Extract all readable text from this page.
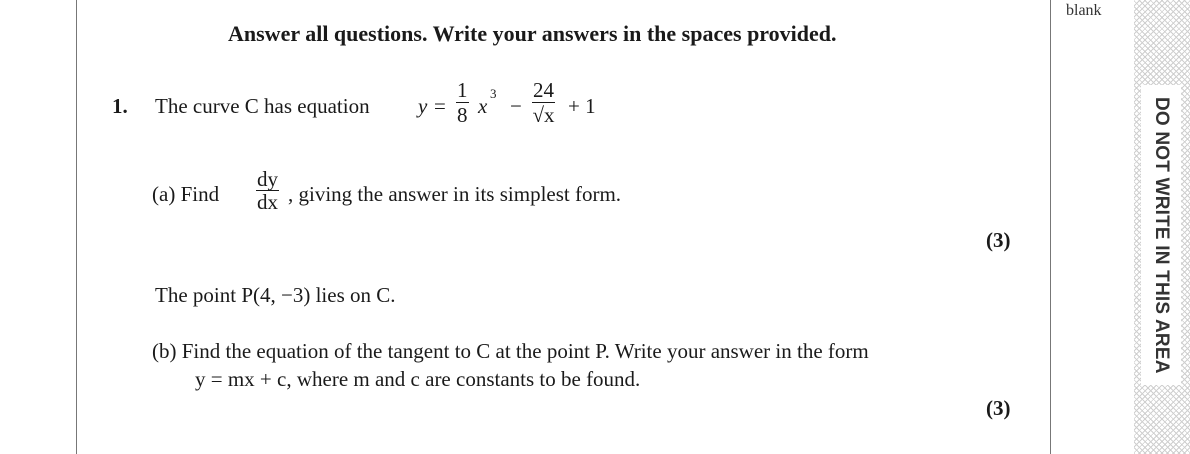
blank
DO NOT WRITE IN THIS AREA
Answer all questions. Write your answers in the spaces provided.
1. The curve C has equation $y = \frac{1}{8}$ x
3
− $\frac{24}{√x} + 1$
(a) Find $\frac{dy}{dx}$ , giving the answer in its simplest form.
(3)
The point P(4, −3) lies on C.
(b) Find the equation of the tangent to C at the point P. Write your answer in the form
y = mx + c, where m and c are constants to be found.
(3)
